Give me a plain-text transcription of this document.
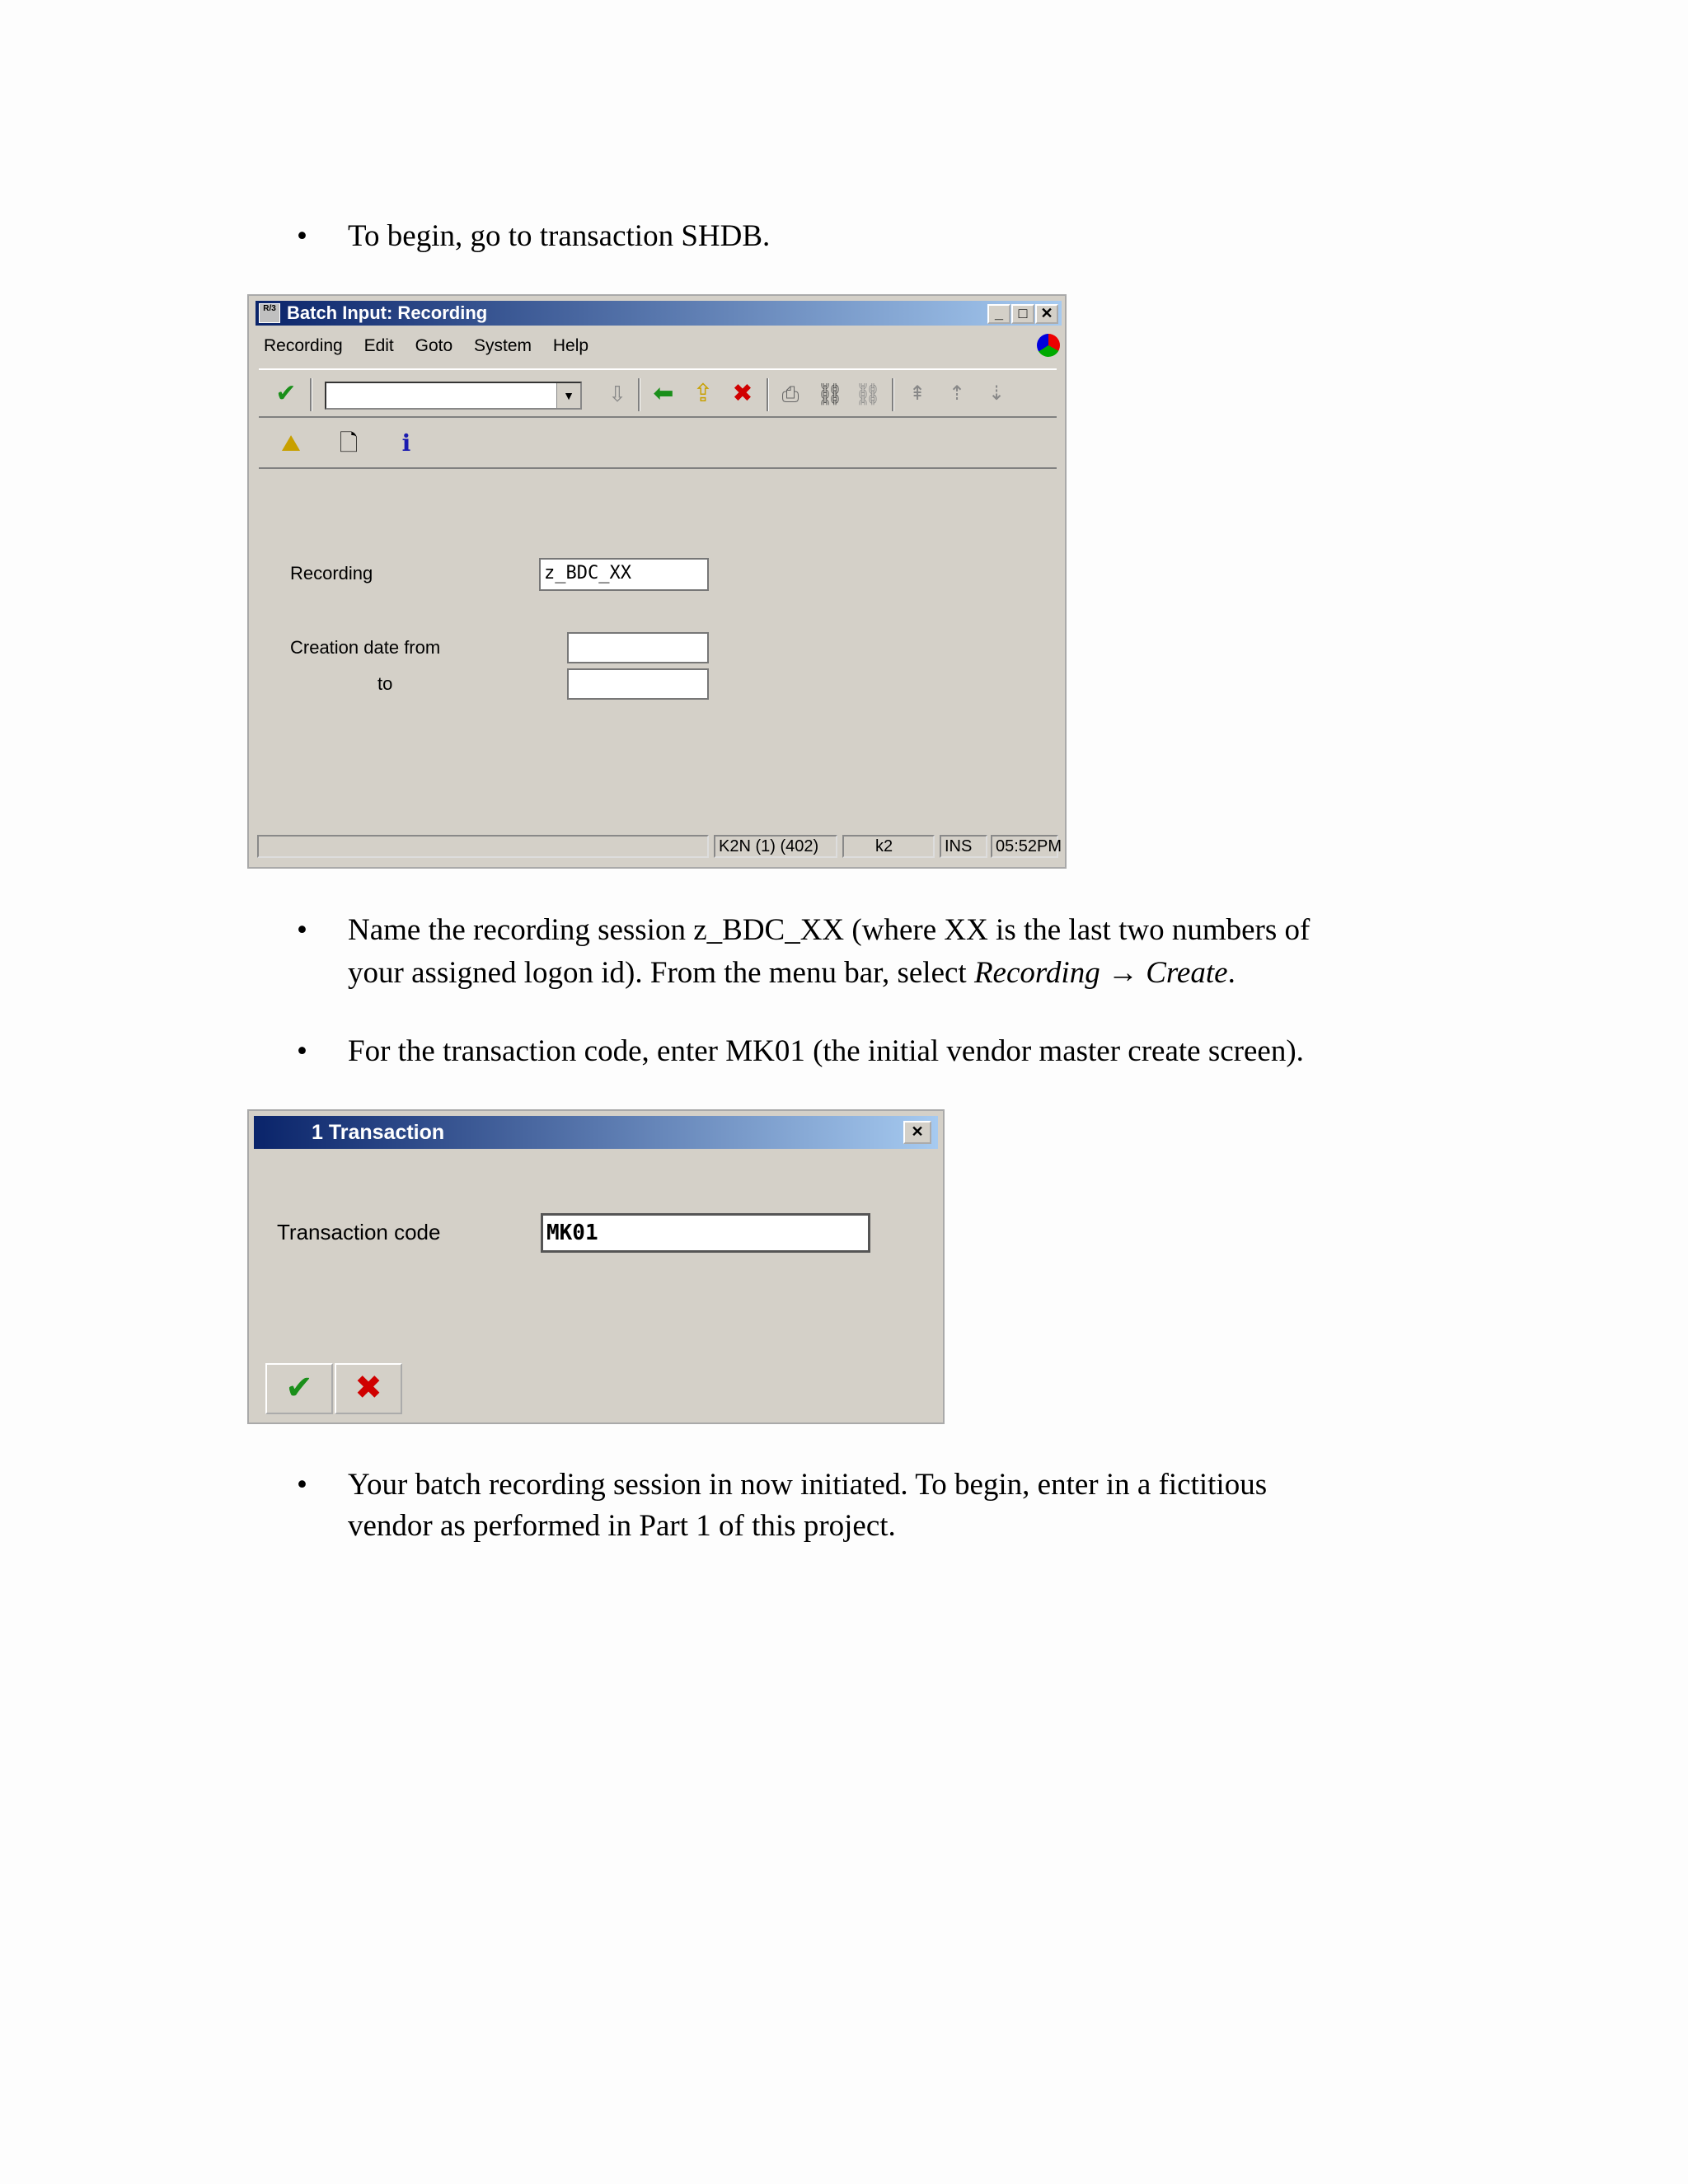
• To begin, go to transaction SHDB.
R/3 Batch Input: Recording	_	□ ✕
Recording Edit Goto System Help
✔	▼ ⇩ ⬅ ⇪ ✖ ⎙ ⛓ ⛓ ⇞ ⇡ ⇣
⛰ 🗋	ℹ
Recording	z_BDC_XX
Creation date from
to
K2N (1) (402)	k2	INS	05:52PM
• Name the recording session z_BDC_XX (where XX is the last two numbers of
your assigned logon id). From the menu bar, select Recording → Create.
• For the transaction code, enter MK01 (the initial vendor master create screen).
1 Transaction	✕
Transaction code	MK01
✔	✖
• Your batch recording session in now initiated. To begin, enter in a fictitious
vendor as performed in Part 1 of this project.
